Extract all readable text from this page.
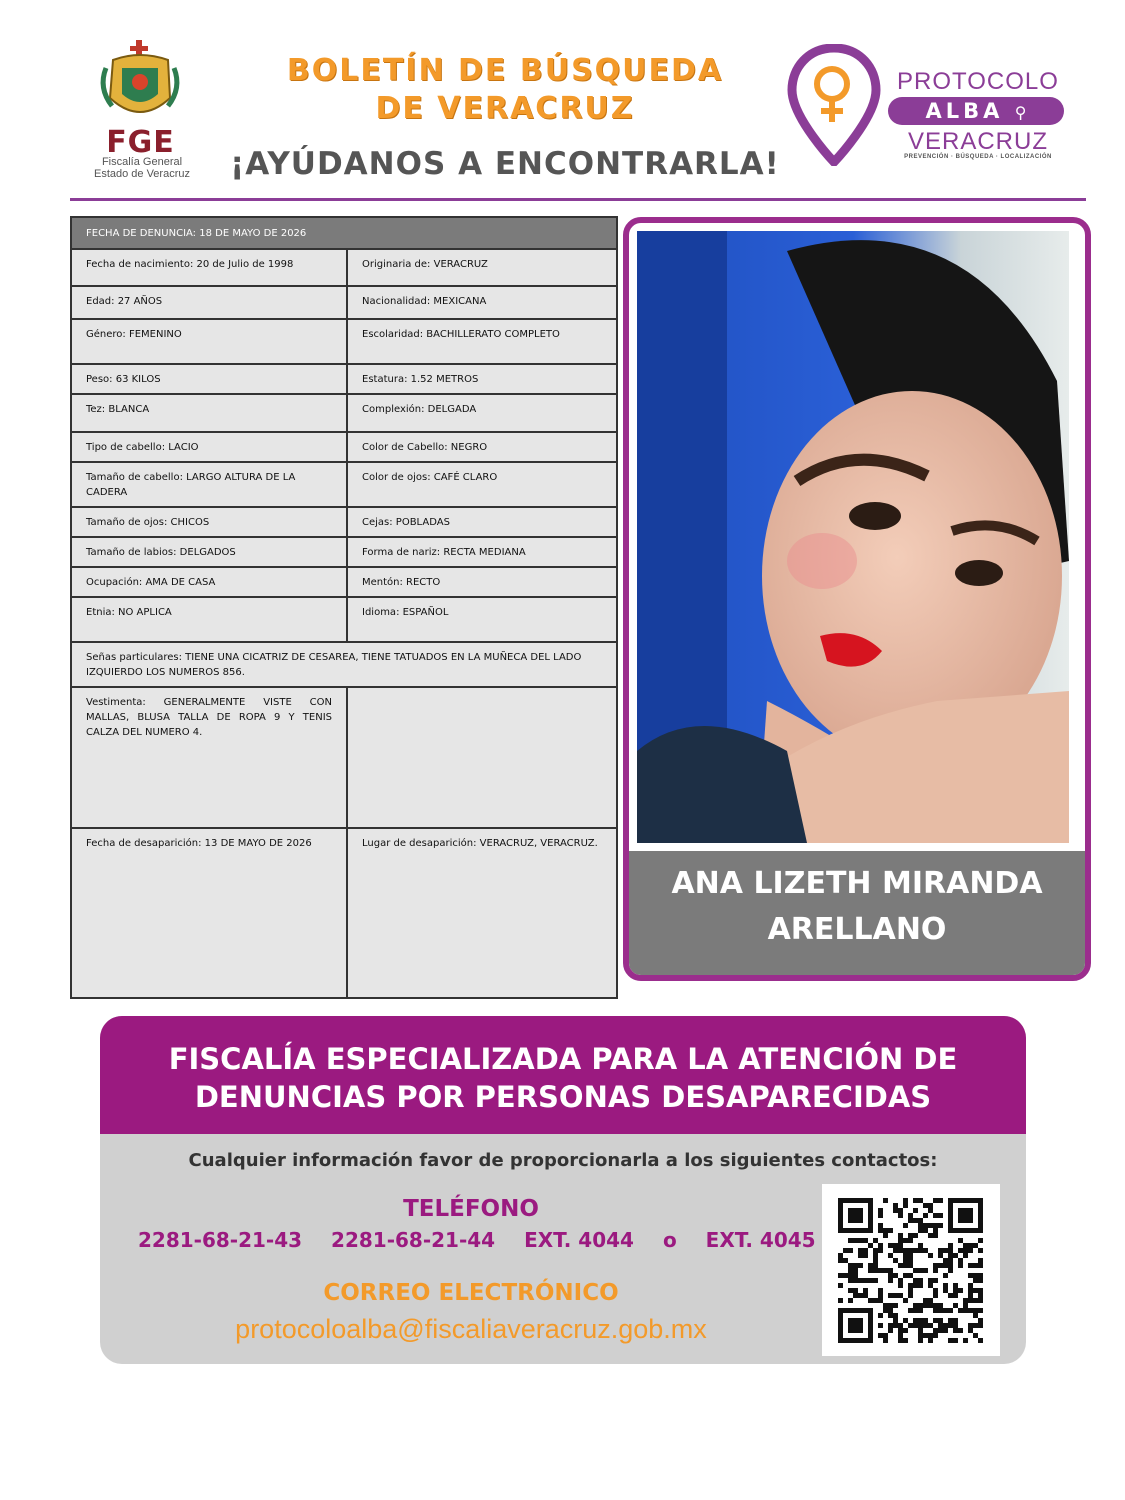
FGE
Fiscalía General
Estado de Veracruz
BOLETÍN DE BÚSQUEDA
DE VERACRUZ
¡AYÚDANOS A ENCONTRARLA!
PROTOCOLO
ALBA ⚲
VERACRUZ
PREVENCIÓN · BÚSQUEDA · LOCALIZACIÓN
FECHA DE DENUNCIA: 18 DE MAYO DE 2026	
Fecha de nacimiento: 20 de Julio de 1998	Originaria de: VERACRUZ
Edad: 27 AÑOS	Nacionalidad: MEXICANA
Género: FEMENINO	Escolaridad: BACHILLERATO COMPLETO
Peso: 63 KILOS	Estatura: 1.52 METROS
Tez: BLANCA	Complexión: DELGADA
Tipo de cabello: LACIO	Color de Cabello: NEGRO
Tamaño de cabello: LARGO ALTURA DE LA CADERA	Color de ojos: CAFÉ CLARO
Tamaño de ojos: CHICOS	Cejas: POBLADAS
Tamaño de labios: DELGADOS	Forma de nariz: RECTA MEDIANA
Ocupación: AMA DE CASA	Mentón: RECTO
Etnia: NO APLICA	Idioma: ESPAÑOL
Señas particulares: TIENE UNA CICATRIZ DE CESAREA, TIENE TATUADOS EN LA MUÑECA DEL LADO IZQUIERDO LOS NUMEROS 856.	
Vestimenta: GENERALMENTE VISTE CON MALLAS, BLUSA TALLA DE ROPA 9 Y TENIS CALZA DEL NUMERO 4.	
Fecha de desaparición: 13 DE MAYO DE 2026	Lugar de desaparición: VERACRUZ, VERACRUZ.
ANA LIZETH MIRANDA
ARELLANO
FISCALÍA ESPECIALIZADA PARA LA ATENCIÓN DE
DENUNCIAS POR PERSONAS DESAPARECIDAS
Cualquier información favor de proporcionarla a los siguientes contactos:
TELÉFONO
2281-68-21-43 2281-68-21-44 EXT. 4044 o EXT. 4045
CORREO ELECTRÓNICO
protocoloalba@fiscaliaveracruz.gob.mx
